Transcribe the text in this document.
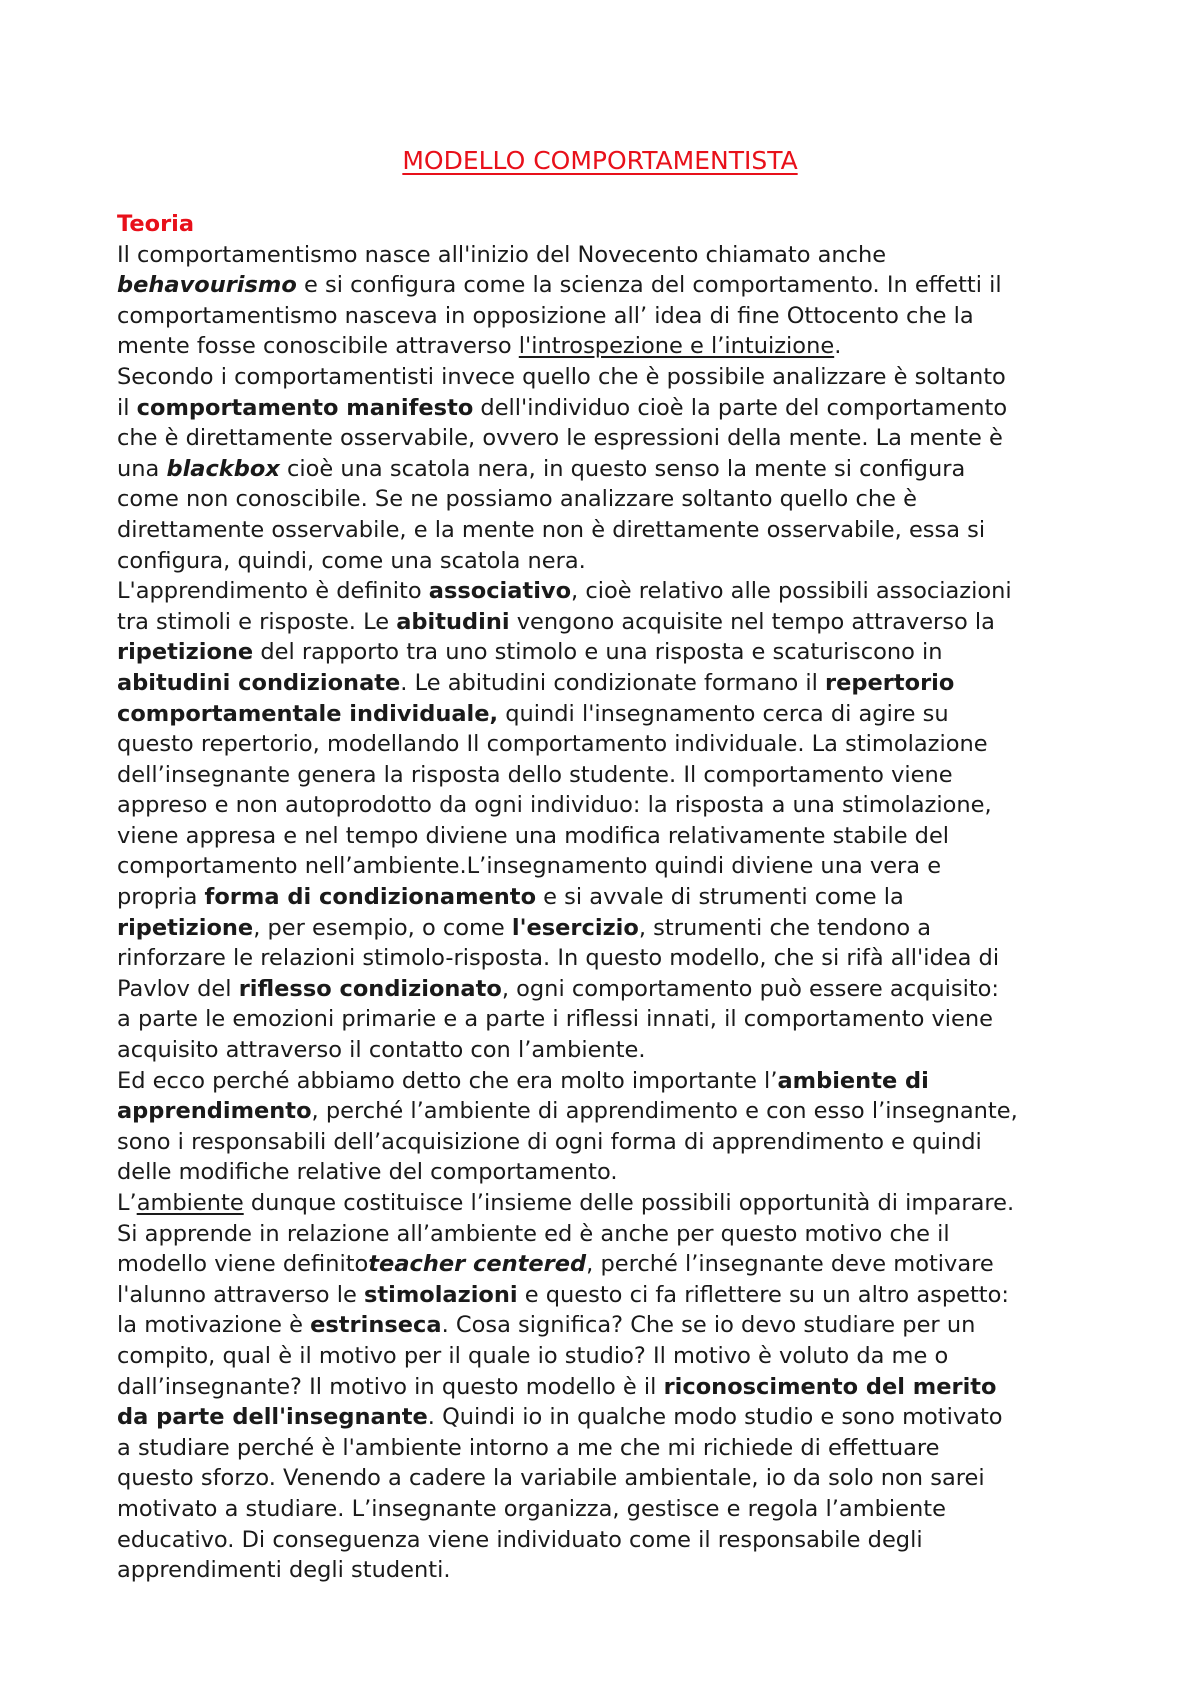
MODELLO COMPORTAMENTISTA

Teoria

Il comportamentismo nasce all'inizio del Novecento chiamato anche
behavourismo e si configura come la scienza del comportamento. In effetti il
comportamentismo nasceva in opposizione all’ idea di fine Ottocento che la
mente fosse conoscibile attraverso l'introspezione e l’intuizione.
Secondo i comportamentisti invece quello che è possibile analizzare è soltanto
il comportamento manifesto dell'individuo cioè la parte del comportamento
che è direttamente osservabile, ovvero le espressioni della mente. La mente è
una blackbox cioè una scatola nera, in questo senso la mente si configura
come non conoscibile. Se ne possiamo analizzare soltanto quello che è
direttamente osservabile, e la mente non è direttamente osservabile, essa si
configura, quindi, come una scatola nera.
L'apprendimento è definito associativo, cioè relativo alle possibili associazioni
tra stimoli e risposte. Le abitudini vengono acquisite nel tempo attraverso la
ripetizione del rapporto tra uno stimolo e una risposta e scaturiscono in
abitudini condizionate. Le abitudini condizionate formano il repertorio
comportamentale individuale, quindi l'insegnamento cerca di agire su
questo repertorio, modellando Il comportamento individuale. La stimolazione
dell’insegnante genera la risposta dello studente. Il comportamento viene
appreso e non autoprodotto da ogni individuo: la risposta a una stimolazione,
viene appresa e nel tempo diviene una modifica relativamente stabile del
comportamento nell’ambiente.L’insegnamento quindi diviene una vera e
propria forma di condizionamento e si avvale di strumenti come la
ripetizione, per esempio, o come l'esercizio, strumenti che tendono a
rinforzare le relazioni stimolo-risposta. In questo modello, che si rifà all'idea di
Pavlov del riflesso condizionato, ogni comportamento può essere acquisito:
a parte le emozioni primarie e a parte i riflessi innati, il comportamento viene
acquisito attraverso il contatto con l’ambiente.
Ed ecco perché abbiamo detto che era molto importante l’ambiente di
apprendimento, perché l’ambiente di apprendimento e con esso l’insegnante,
sono i responsabili dell’acquisizione di ogni forma di apprendimento e quindi
delle modifiche relative del comportamento.
L’ambiente dunque costituisce l’insieme delle possibili opportunità di imparare.
Si apprende in relazione all’ambiente ed è anche per questo motivo che il
modello viene definitoteacher centered, perché l’insegnante deve motivare
l'alunno attraverso le stimolazioni e questo ci fa riflettere su un altro aspetto:
la motivazione è estrinseca. Cosa significa? Che se io devo studiare per un
compito, qual è il motivo per il quale io studio? Il motivo è voluto da me o
dall’insegnante? Il motivo in questo modello è il riconoscimento del merito
da parte dell'insegnante. Quindi io in qualche modo studio e sono motivato
a studiare perché è l'ambiente intorno a me che mi richiede di effettuare
questo sforzo. Venendo a cadere la variabile ambientale, io da solo non sarei
motivato a studiare. L’insegnante organizza, gestisce e regola l’ambiente
educativo. Di conseguenza viene individuato come il responsabile degli
apprendimenti degli studenti.
